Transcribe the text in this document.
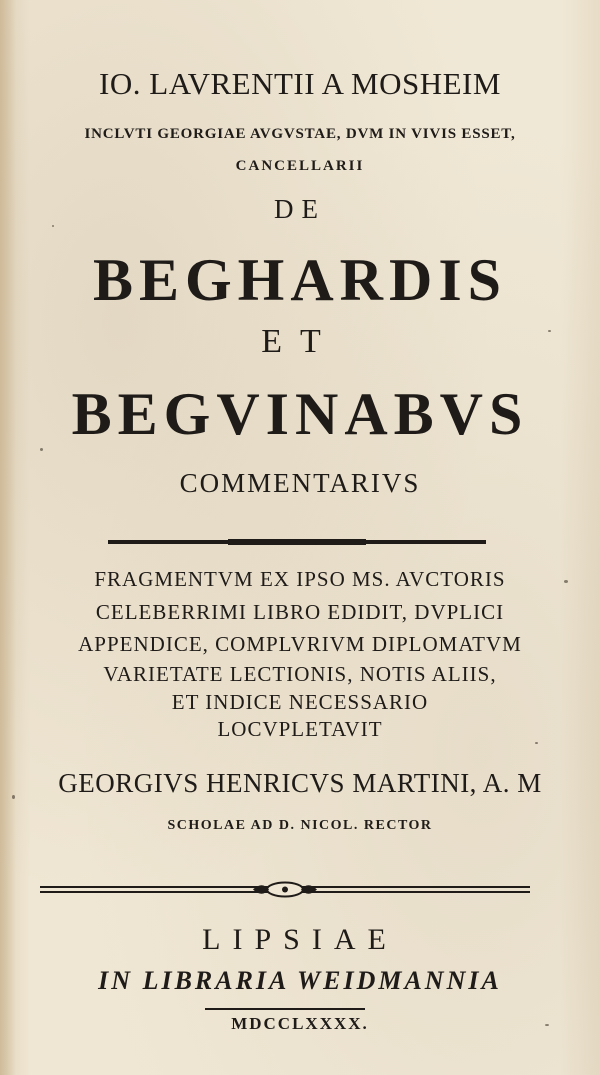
IO. LAVRENTII A MOSHEIM
INCLVTI GEORGIAE AVGVSTAE, DVM IN VIVIS ESSET,
CANCELLARII
DE
BEGHARDIS
ET
BEGVINABVS
COMMENTARIVS
FRAGMENTVM EX IPSO MS. AVCTORIS
CELEBERRIMI LIBRO EDIDIT, DVPLICI
APPENDICE, COMPLVRIVM DIPLOMATVM
VARIETATE LECTIONIS, NOTIS ALIIS,
ET INDICE NECESSARIO
LOCVPLETAVIT
GEORGIVS HENRICVS MARTINI, A. M
SCHOLAE AD D. NICOL. RECTOR
LIPSIAE
IN LIBRARIA WEIDMANNIA
MDCCLXXXX.
